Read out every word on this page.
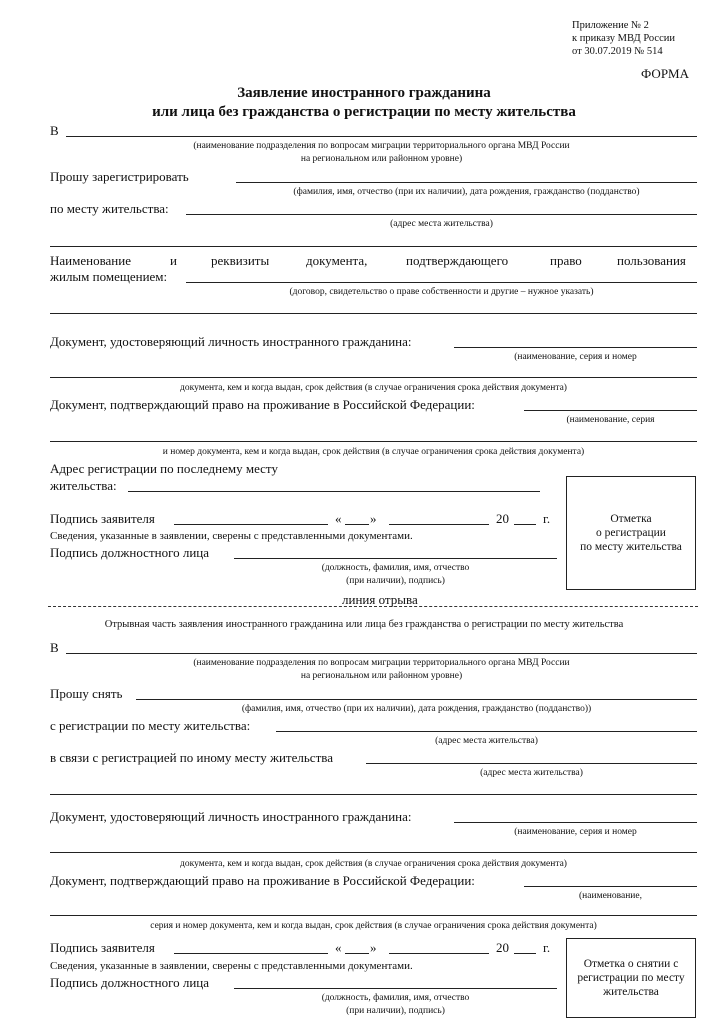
Приложение № 2
к приказу МВД России
от 30.07.2019 № 514
ФОРМА
Заявление иностранного гражданина
или лица без гражданства о регистрации по месту жительства
В
(наименование подразделения по вопросам миграции территориального органа МВД России
на региональном или районном уровне)
Прошу зарегистрировать
(фамилия, имя, отчество (при их наличии), дата рождения, гражданство (подданство)
по месту жительства:
(адрес места жительства)
Наименование	и	реквизиты	документа,	подтверждающего	право	пользования
жилым помещением:
(договор, свидетельство о праве собственности и другие – нужное указать)
Документ, удостоверяющий личность иностранного гражданина:
(наименование, серия и номер
документа, кем и когда выдан, срок действия (в случае ограничения срока действия документа)
Документ, подтверждающий право на проживание в Российской Федерации:
(наименование, серия
и номер документа, кем и когда выдан, срок действия (в случае ограничения срока действия документа)
Адрес регистрации по последнему месту
жительства:
Подпись заявителя	« »	20	г.
Сведения, указанные в заявлении, сверены с представленными документами.
Подпись должностного лица
(должность, фамилия, имя, отчество
(при наличии), подпись)
Отметка
о регистрации
по месту жительства
линия отрыва
Отрывная часть заявления иностранного гражданина или лица без гражданства о регистрации по месту жительства
В
(наименование подразделения по вопросам миграции территориального органа МВД России
на региональном или районном уровне)
Прошу снять
(фамилия, имя, отчество (при их наличии), дата рождения, гражданство (подданство))
с регистрации по месту жительства:
(адрес места жительства)
в связи с регистрацией по иному месту жительства
(адрес места жительства)
Документ, удостоверяющий личность иностранного гражданина:
(наименование, серия и номер
документа, кем и когда выдан, срок действия (в случае ограничения срока действия документа)
Документ, подтверждающий право на проживание в Российской Федерации:
(наименование,
серия и номер документа, кем и когда выдан, срок действия (в случае ограничения срока действия документа)
Подпись заявителя	« »	20	г.
Сведения, указанные в заявлении, сверены с представленными документами.
Подпись должностного лица
(должность, фамилия, имя, отчество
(при наличии), подпись)
Отметка о снятии с
регистрации по месту
жительства
